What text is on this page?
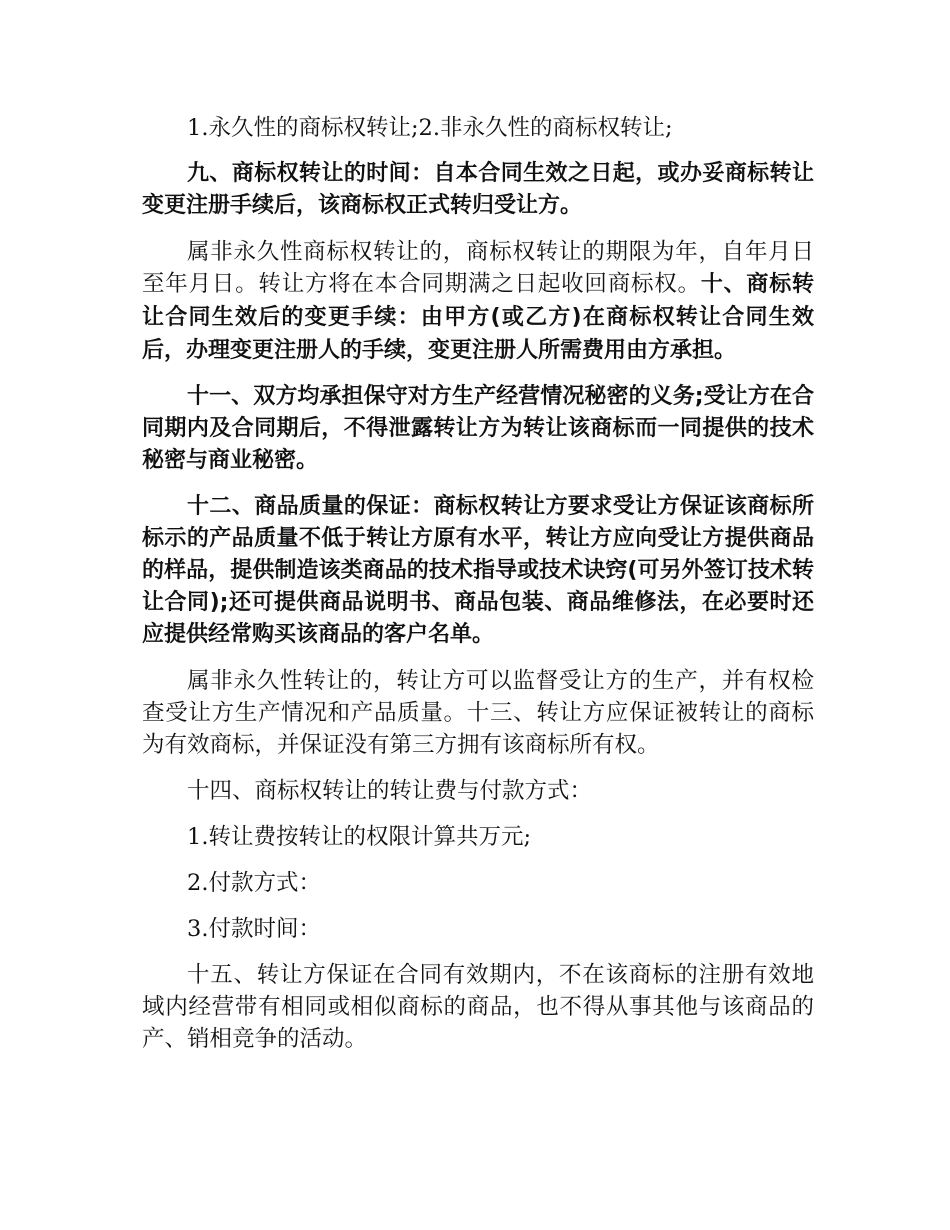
1.永久性的商标权转让;2.非永久性的商标权转让;

九、商标权转让的时间：自本合同生效之日起，或办妥商标转让变更注册手续后，该商标权正式转归受让方。

属非永久性商标权转让的，商标权转让的期限为年，自年月日至年月日。转让方将在本合同期满之日起收回商标权。十、商标转让合同生效后的变更手续：由甲方(或乙方)在商标权转让合同生效后，办理变更注册人的手续，变更注册人所需费用由方承担。

十一、双方均承担保守对方生产经营情况秘密的义务;受让方在合同期内及合同期后，不得泄露转让方为转让该商标而一同提供的技术秘密与商业秘密。

十二、商品质量的保证：商标权转让方要求受让方保证该商标所标示的产品质量不低于转让方原有水平，转让方应向受让方提供商品的样品，提供制造该类商品的技术指导或技术诀窍(可另外签订技术转让合同);还可提供商品说明书、商品包装、商品维修法，在必要时还应提供经常购买该商品的客户名单。

属非永久性转让的，转让方可以监督受让方的生产，并有权检查受让方生产情况和产品质量。十三、转让方应保证被转让的商标为有效商标，并保证没有第三方拥有该商标所有权。

十四、商标权转让的转让费与付款方式：

1.转让费按转让的权限计算共万元;

2.付款方式：

3.付款时间：

十五、转让方保证在合同有效期内，不在该商标的注册有效地域内经营带有相同或相似商标的商品，也不得从事其他与该商品的产、销相竞争的活动。
